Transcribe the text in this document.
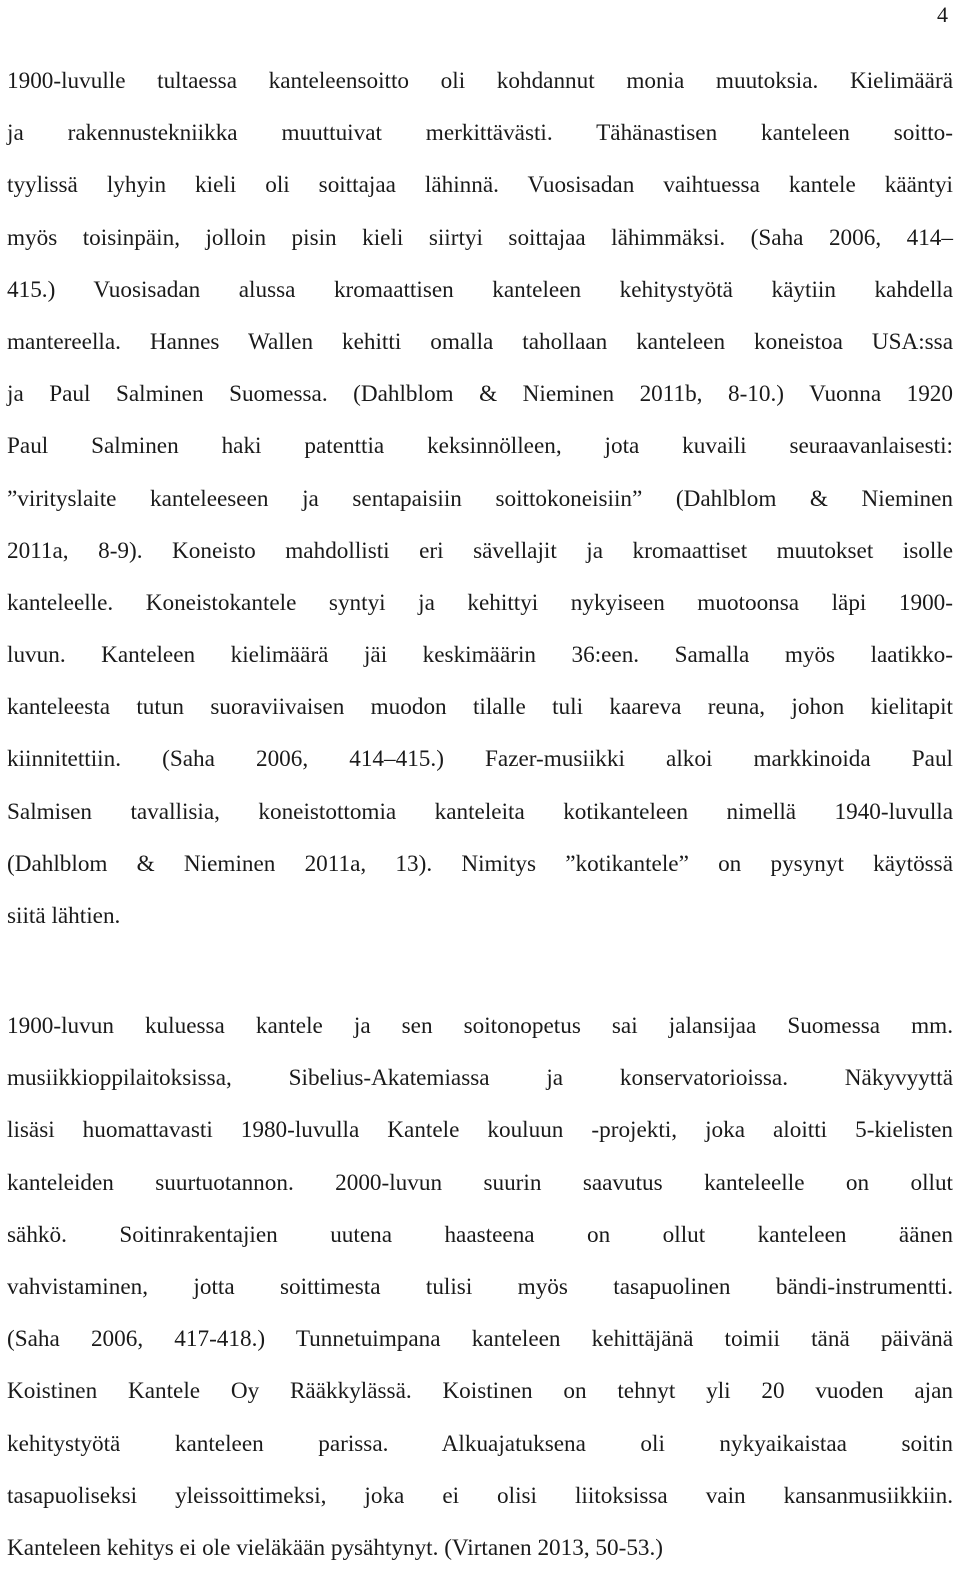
4
1900-luvulle tultaessa kanteleensoitto oli kohdannut monia muutoksia. Kielimäärä
ja rakennustekniikka muuttuivat merkittävästi. Tähänastisen kanteleen soitto-
tyylissä lyhyin kieli oli soittajaa lähinnä. Vuosisadan vaihtuessa kantele kääntyi
myös toisinpäin, jolloin pisin kieli siirtyi soittajaa lähimmäksi. (Saha 2006, 414–
415.) Vuosisadan alussa kromaattisen kanteleen kehitystyötä käytiin kahdella
mantereella. Hannes Wallen kehitti omalla tahollaan kanteleen koneistoa USA:ssa
ja Paul Salminen Suomessa. (Dahlblom & Nieminen 2011b, 8-10.) Vuonna 1920
Paul Salminen haki patenttia keksinnölleen, jota kuvaili seuraavanlaisesti:
”virityslaite kanteleeseen ja sentapaisiin soittokoneisiin” (Dahlblom & Nieminen
2011a, 8-9). Koneisto mahdollisti eri sävellajit ja kromaattiset muutokset isolle
kanteleelle. Koneistokantele syntyi ja kehittyi nykyiseen muotoonsa läpi 1900-
luvun. Kanteleen kielimäärä jäi keskimäärin 36:een. Samalla myös laatikko-
kanteleesta tutun suoraviivaisen muodon tilalle tuli kaareva reuna, johon kielitapit
kiinnitettiin. (Saha 2006, 414–415.) Fazer-musiikki alkoi markkinoida Paul
Salmisen tavallisia, koneistottomia kanteleita kotikanteleen nimellä 1940-luvulla
(Dahlblom & Nieminen 2011a, 13). Nimitys ”kotikantele” on pysynyt käytössä
siitä lähtien.
1900-luvun kuluessa kantele ja sen soitonopetus sai jalansijaa Suomessa mm.
musiikkioppilaitoksissa, Sibelius-Akatemiassa ja konservatorioissa. Näkyvyyttä
lisäsi huomattavasti 1980-luvulla Kantele kouluun -projekti, joka aloitti 5-kielisten
kanteleiden suurtuotannon. 2000-luvun suurin saavutus kanteleelle on ollut
sähkö. Soitinrakentajien uutena haasteena on ollut kanteleen äänen
vahvistaminen, jotta soittimesta tulisi myös tasapuolinen bändi-instrumentti.
(Saha 2006, 417-418.) Tunnetuimpana kanteleen kehittäjänä toimii tänä päivänä
Koistinen Kantele Oy Rääkkylässä. Koistinen on tehnyt yli 20 vuoden ajan
kehitystyötä kanteleen parissa. Alkuajatuksena oli nykyaikaistaa soitin
tasapuoliseksi yleissoittimeksi, joka ei olisi liitoksissa vain kansanmusiikkiin.
Kanteleen kehitys ei ole vieläkään pysähtynyt. (Virtanen 2013, 50-53.)
